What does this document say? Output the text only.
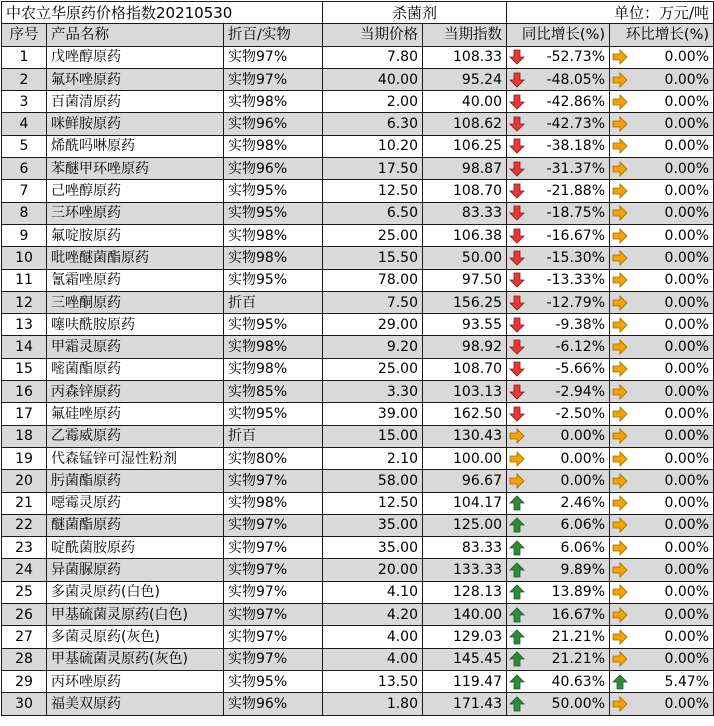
中农立华原药价格指数20210530			杀菌剂		单位：万元/吨	
序号	产品名称	折百/实物	当期价格	当期指数	同比增长(%)	环比增长(%)
1	戊唑醇原药	实物97%	7.80	108.33	-52.73%	0.00%

2	氟环唑原药	实物97%	40.00	95.24	-48.05%	0.00%

3	百菌清原药	实物98%	2.00	40.00	-42.86%	0.00%

4	咪鲜胺原药	实物96%	6.30	108.62	-42.73%	0.00%

5	烯酰吗啉原药	实物98%	10.20	106.25	-38.18%	0.00%

6	苯醚甲环唑原药	实物96%	17.50	98.87	-31.37%	0.00%

7	己唑醇原药	实物95%	12.50	108.70	-21.88%	0.00%

8	三环唑原药	实物95%	6.50	83.33	-18.75%	0.00%

9	氟啶胺原药	实物98%	25.00	106.38	-16.67%	0.00%

10	吡唑醚菌酯原药	实物98%	15.50	50.00	-15.30%	0.00%

11	氰霜唑原药	实物95%	78.00	97.50	-13.33%	0.00%

12	三唑酮原药	折百	7.50	156.25	-12.79%	0.00%

13	噻呋酰胺原药	实物95%	29.00	93.55	-9.38%	0.00%

14	甲霜灵原药	实物98%	9.20	98.92	-6.12%	0.00%

15	嘧菌酯原药	实物98%	25.00	108.70	-5.66%	0.00%

16	丙森锌原药	实物85%	3.30	103.13	-2.94%	0.00%

17	氟硅唑原药	实物95%	39.00	162.50	-2.50%	0.00%

18	乙霉威原药	折百	15.00	130.43	0.00%	0.00%

19	代森锰锌可湿性粉剂	实物80%	2.10	100.00	0.00%	0.00%

20	肟菌酯原药	实物97%	58.00	96.67	0.00%	0.00%

21	噁霉灵原药	实物98%	12.50	104.17	2.46%	0.00%

22	醚菌酯原药	实物97%	35.00	125.00	6.06%	0.00%

23	啶酰菌胺原药	实物97%	35.00	83.33	6.06%	0.00%

24	异菌脲原药	实物97%	20.00	133.33	9.89%	0.00%

25	多菌灵原药(白色)	实物97%	4.10	128.13	13.89%	0.00%

26	甲基硫菌灵原药(白色)	实物97%	4.20	140.00	16.67%	0.00%

27	多菌灵原药(灰色)	实物97%	4.00	129.03	21.21%	0.00%

28	甲基硫菌灵原药(灰色)	实物97%	4.00	145.45	21.21%	0.00%

29	丙环唑原药	实物95%	13.50	119.47	40.63%	5.47%

30	福美双原药	实物96%	1.80	171.43	50.00%	0.00%
